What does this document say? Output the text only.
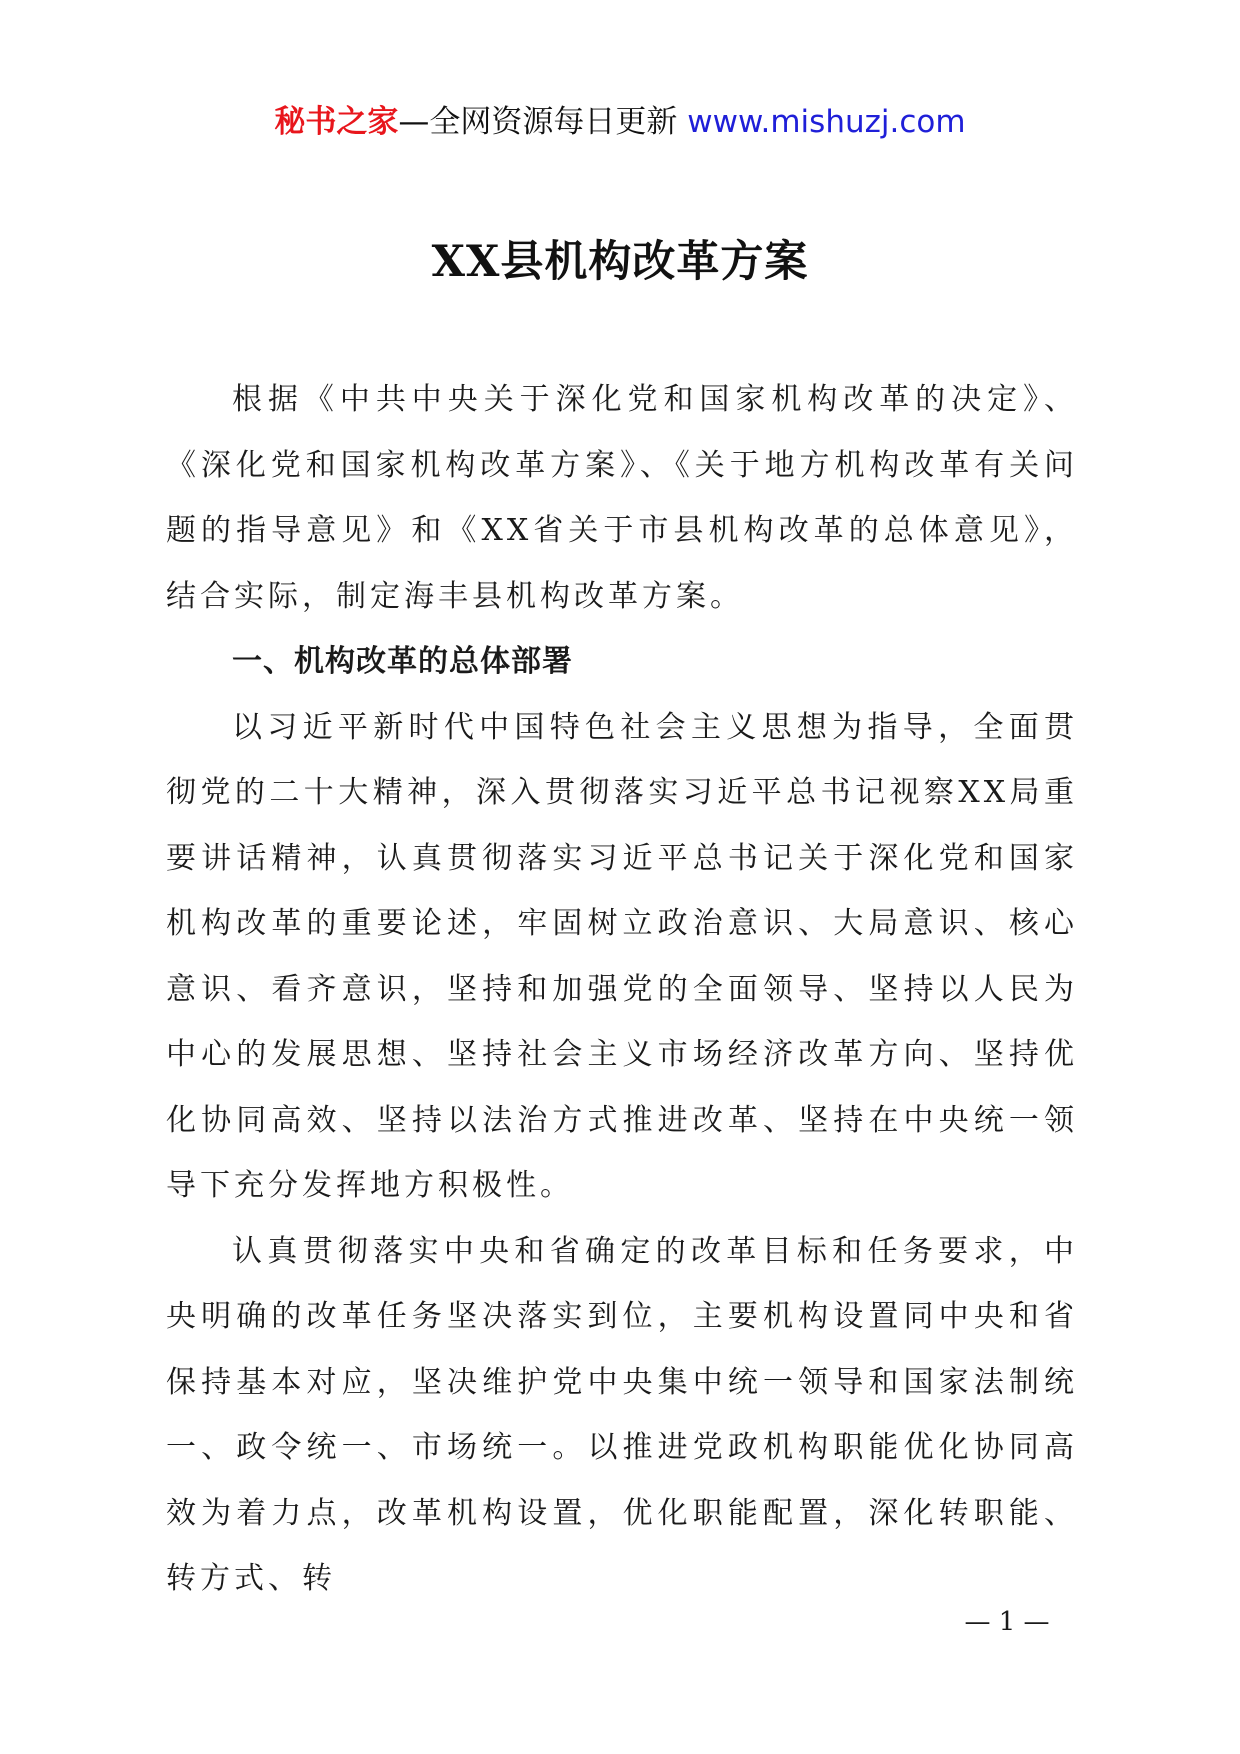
秘书之家—全网资源每日更新 www.mishuzj.com
XX县机构改革方案

根据《中共中央关于深化党和国家机构改革的决定》、《深化党和国家机构改革方案》、《关于地方机构改革有关问题的指导意见》和《XX省关于市县机构改革的总体意见》，结合实际，制定海丰县机构改革方案。

一、机构改革的总体部署

以习近平新时代中国特色社会主义思想为指导，全面贯彻党的二十大精神，深入贯彻落实习近平总书记视察XX局重要讲话精神，认真贯彻落实习近平总书记关于深化党和国家机构改革的重要论述，牢固树立政治意识、大局意识、核心意识、看齐意识，坚持和加强党的全面领导、坚持以人民为中心的发展思想、坚持社会主义市场经济改革方向、坚持优化协同高效、坚持以法治方式推进改革、坚持在中央统一领导下充分发挥地方积极性。

认真贯彻落实中央和省确定的改革目标和任务要求，中央明确的改革任务坚决落实到位，主要机构设置同中央和省保持基本对应，坚决维护党中央集中统一领导和国家法制统一、政令统一、市场统一。以推进党政机构职能优化协同高效为着力点，改革机构设置，优化职能配置，深化转职能、转方式、转

— 1 —
